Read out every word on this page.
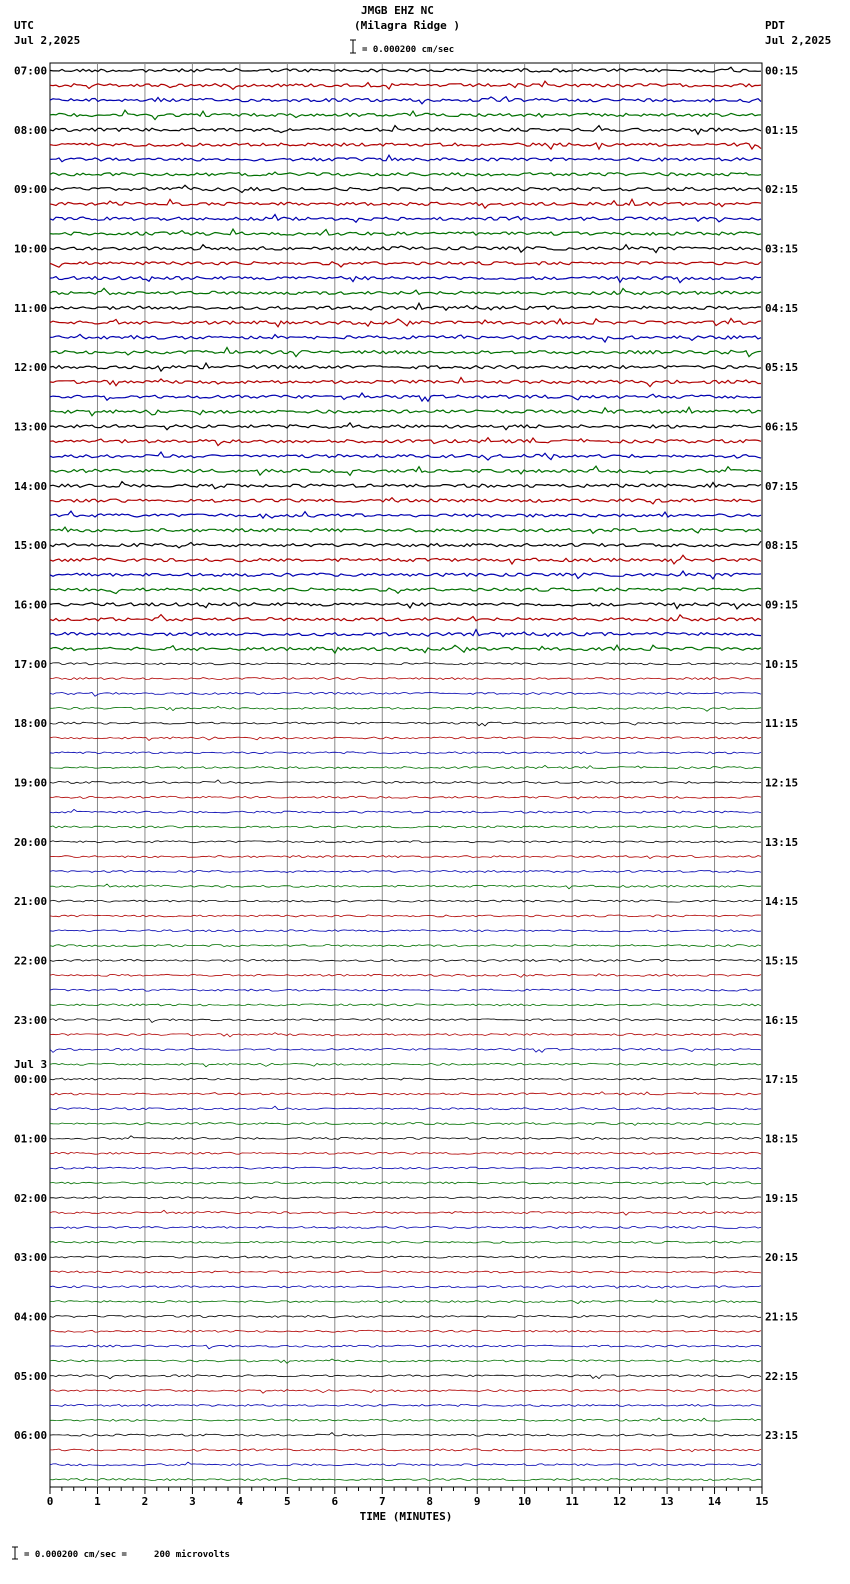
JMGB EHZ NC
(Milagra Ridge )
= 0.000200 cm/sec
UTC
Jul 2,2025
PDT
Jul 2,2025
= 0.000200 cm/sec =     200 microvolts
07:00	00:15
08:00	01:15
09:00	02:15
10:00	03:15
11:00	04:15
12:00	05:15
13:00	06:15
14:00	07:15
15:00	08:15
16:00	09:15
17:00	10:15
18:00	11:15
19:00	12:15
20:00	13:15
21:00	14:15
22:00	15:15
23:00	16:15
00:00	17:15
Jul 3
01:00	18:15
02:00	19:15
03:00	20:15
04:00	21:15
05:00	22:15
06:00	23:15
0	1	2	3	4	5	6	7	8	9	10	11	12	13	14	15
TIME (MINUTES)
